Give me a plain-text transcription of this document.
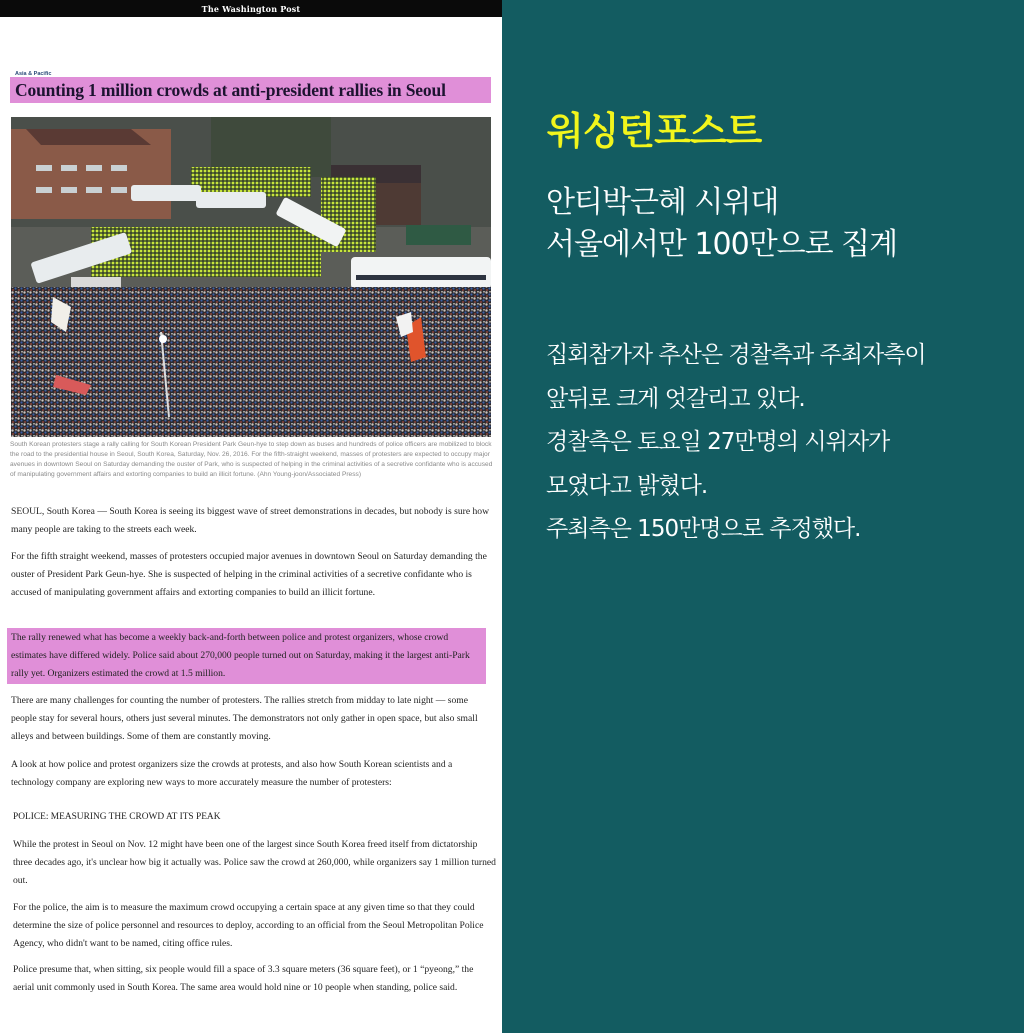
The Washington Post
Asia & Pacific
Counting 1 million crowds at anti-president rallies in Seoul
South Korean protesters stage a rally calling for South Korean President Park Geun-hye to step down as buses and hundreds of police officers are mobilized to block the road to the presidential house in Seoul, South Korea, Saturday, Nov. 26, 2016. For the fifth-straight weekend, masses of protesters are expected to occupy major avenues in downtown Seoul on Saturday demanding the ouster of Park, who is suspected of helping in the criminal activities of a secretive confidante who is accused of manipulating government affairs and extorting companies to build an illicit fortune. (Ahn Young-joon/Associated Press)
SEOUL, South Korea — South Korea is seeing its biggest wave of street demonstrations in decades, but nobody is sure how many people are taking to the streets each week.
For the fifth straight weekend, masses of protesters occupied major avenues in downtown Seoul on Saturday demanding the ouster of President Park Geun-hye. She is suspected of helping in the criminal activities of a secretive confidante who is accused of manipulating government affairs and extorting companies to build an illicit fortune.
The rally renewed what has become a weekly back-and-forth between police and protest organizers, whose crowd estimates have differed widely. Police said about 270,000 people turned out on Saturday, making it the largest anti-Park rally yet. Organizers estimated the crowd at 1.5 million.
There are many challenges for counting the number of protesters. The rallies stretch from midday to late night — some people stay for several hours, others just several minutes. The demonstrators not only gather in open space, but also small alleys and between buildings. Some of them are constantly moving.
A look at how police and protest organizers size the crowds at protests, and also how South Korean scientists and a technology company are exploring new ways to more accurately measure the number of protesters:
POLICE: MEASURING THE CROWD AT ITS PEAK
While the protest in Seoul on Nov. 12 might have been one of the largest since South Korea freed itself from dictatorship three decades ago, it's unclear how big it actually was. Police saw the crowd at 260,000, while organizers say 1 million turned out.
For the police, the aim is to measure the maximum crowd occupying a certain space at any given time so that they could determine the size of police personnel and resources to deploy, according to an official from the Seoul Metropolitan Police Agency, who didn't want to be named, citing office rules.
Police presume that, when sitting, six people would fill a space of 3.3 square meters (36 square feet), or 1 “pyeong,” the aerial unit commonly used in South Korea. The same area would hold nine or 10 people when standing, police said.
워싱턴포스트
안티박근혜 시위대
서울에서만 100만으로 집계
집회참가자 추산은 경찰측과 주최자측이
앞뒤로 크게 엇갈리고 있다.
경찰측은 토요일 27만명의 시위자가
모였다고 밝혔다.
주최측은 150만명으로 추정했다.
